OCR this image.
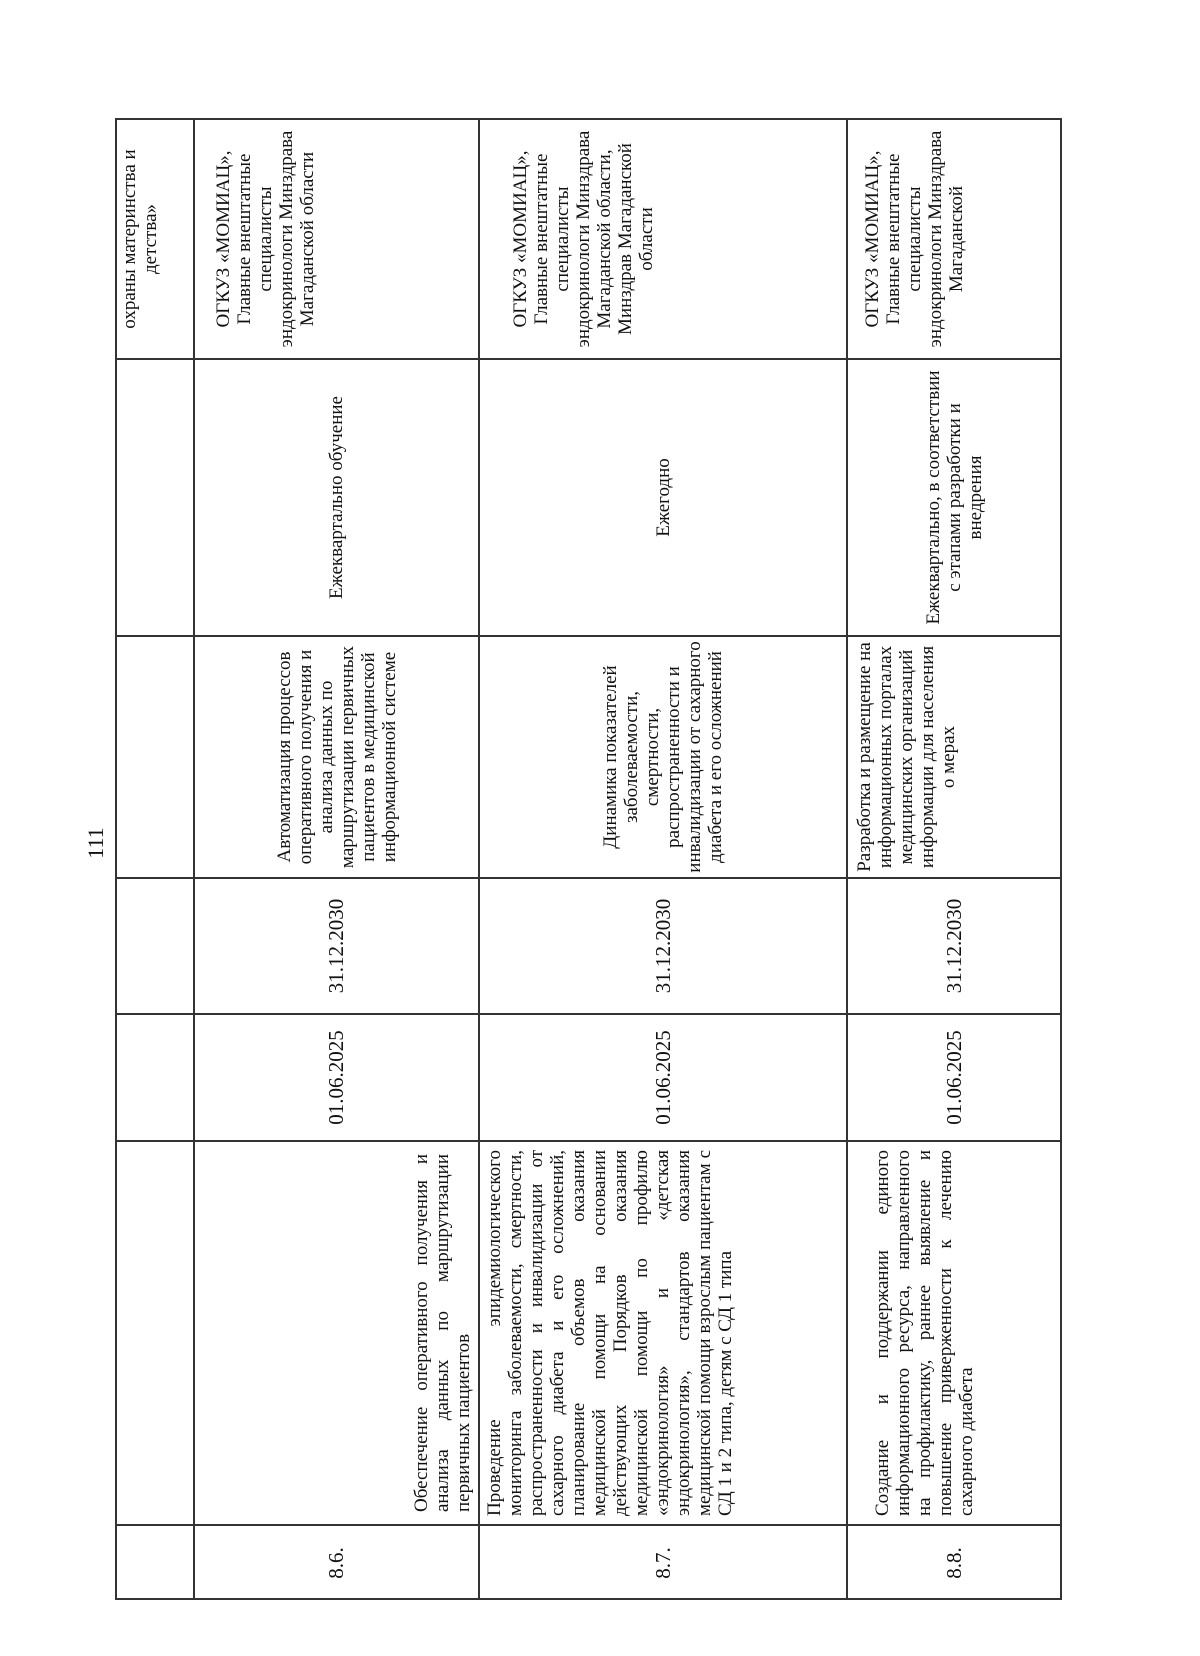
111
охраны материнства и детства»
8.6.
Обеспечение оперативного получения и анализа данных по маршрутизации первичных пациентов
01.06.2025
31.12.2030
Автоматизация процессов оперативного получения и анализа данных по маршрутизации первичных пациентов в медицинской информационной системе
Ежеквартально обучение
ОГКУЗ «МОМИАЦ», Главные внештатные специалисты эндокринологи Минздрава Магаданской области
8.7.
Проведение эпидемиологического мониторинга заболеваемости, смертности, распространенности и инвалидизации от сахарного диабета и его осложнений, планирование объемов оказания медицинской помощи на основании действующих Порядков оказания медицинской помощи по профилю «эндокринология» и «детская эндокринология», стандартов оказания медицинской помощи взрослым пациентам с СД 1 и 2 типа, детям с СД 1 типа
01.06.2025
31.12.2030
Динамика показателей заболеваемости, смертности, распространенности и инвалидизации от сахарного диабета и его осложнений
Ежегодно
ОГКУЗ «МОМИАЦ», Главные внештатные специалисты эндокринологи Минздрава Магаданской области, Минздрав Магаданской области
8.8.
Создание и поддержании единого информационного ресурса, направленного на профилактику, раннее выявление и повышение приверженности к лечению сахарного диабета
01.06.2025
31.12.2030
Разработка и размещение на информационных порталах медицинских организаций информации для населения о мерах
Ежеквартально, в соответствии с этапами разработки и внедрения
ОГКУЗ «МОМИАЦ», Главные внештатные специалисты эндокринологи Минздрава Магаданской
